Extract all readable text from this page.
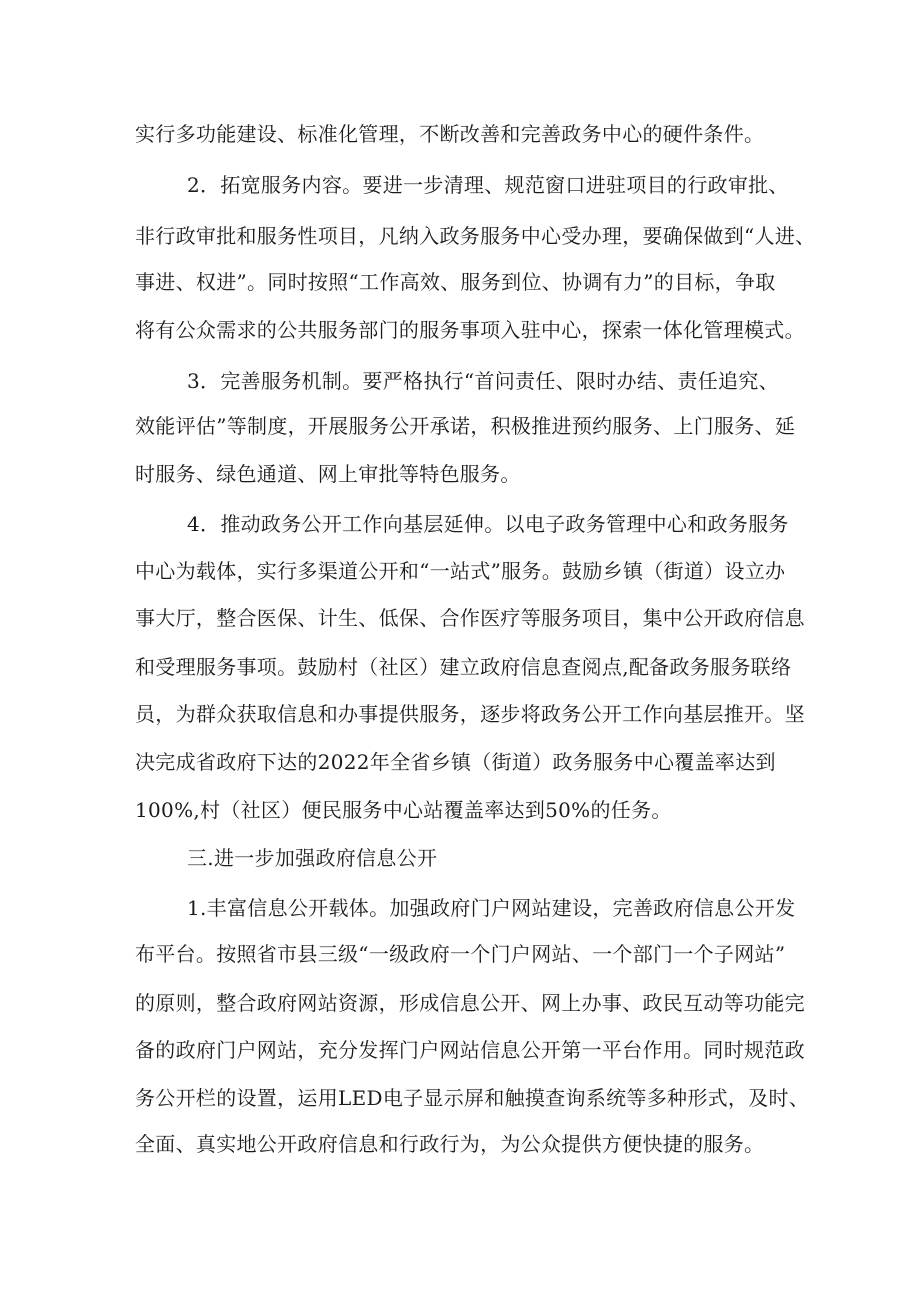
实行多功能建设、标准化管理，不断改善和完善政务中心的硬件条件。
2．拓宽服务内容。要进一步清理、规范窗口进驻项目的行政审批、
非行政审批和服务性项目，凡纳入政务服务中心受办理，要确保做到“人进、
事进、权进”。同时按照“工作高效、服务到位、协调有力”的目标，争取
将有公众需求的公共服务部门的服务事项入驻中心，探索一体化管理模式。
3．完善服务机制。要严格执行“首问责任、限时办结、责任追究、
效能评估”等制度，开展服务公开承诺，积极推进预约服务、上门服务、延
时服务、绿色通道、网上审批等特色服务。
4．推动政务公开工作向基层延伸。以电子政务管理中心和政务服务
中心为载体，实行多渠道公开和“一站式”服务。鼓励乡镇（街道）设立办
事大厅，整合医保、计生、低保、合作医疗等服务项目，集中公开政府信息
和受理服务事项。鼓励村（社区）建立政府信息查阅点,配备政务服务联络
员，为群众获取信息和办事提供服务，逐步将政务公开工作向基层推开。坚
决完成省政府下达的2022年全省乡镇（街道）政务服务中心覆盖率达到
100%,村（社区）便民服务中心站覆盖率达到50%的任务。
三.进一步加强政府信息公开
1.丰富信息公开载体。加强政府门户网站建设，完善政府信息公开发
布平台。按照省市县三级“一级政府一个门户网站、一个部门一个子网站”
的原则，整合政府网站资源，形成信息公开、网上办事、政民互动等功能完
备的政府门户网站，充分发挥门户网站信息公开第一平台作用。同时规范政
务公开栏的设置，运用LED电子显示屏和触摸查询系统等多种形式，及时、
全面、真实地公开政府信息和行政行为，为公众提供方便快捷的服务。
